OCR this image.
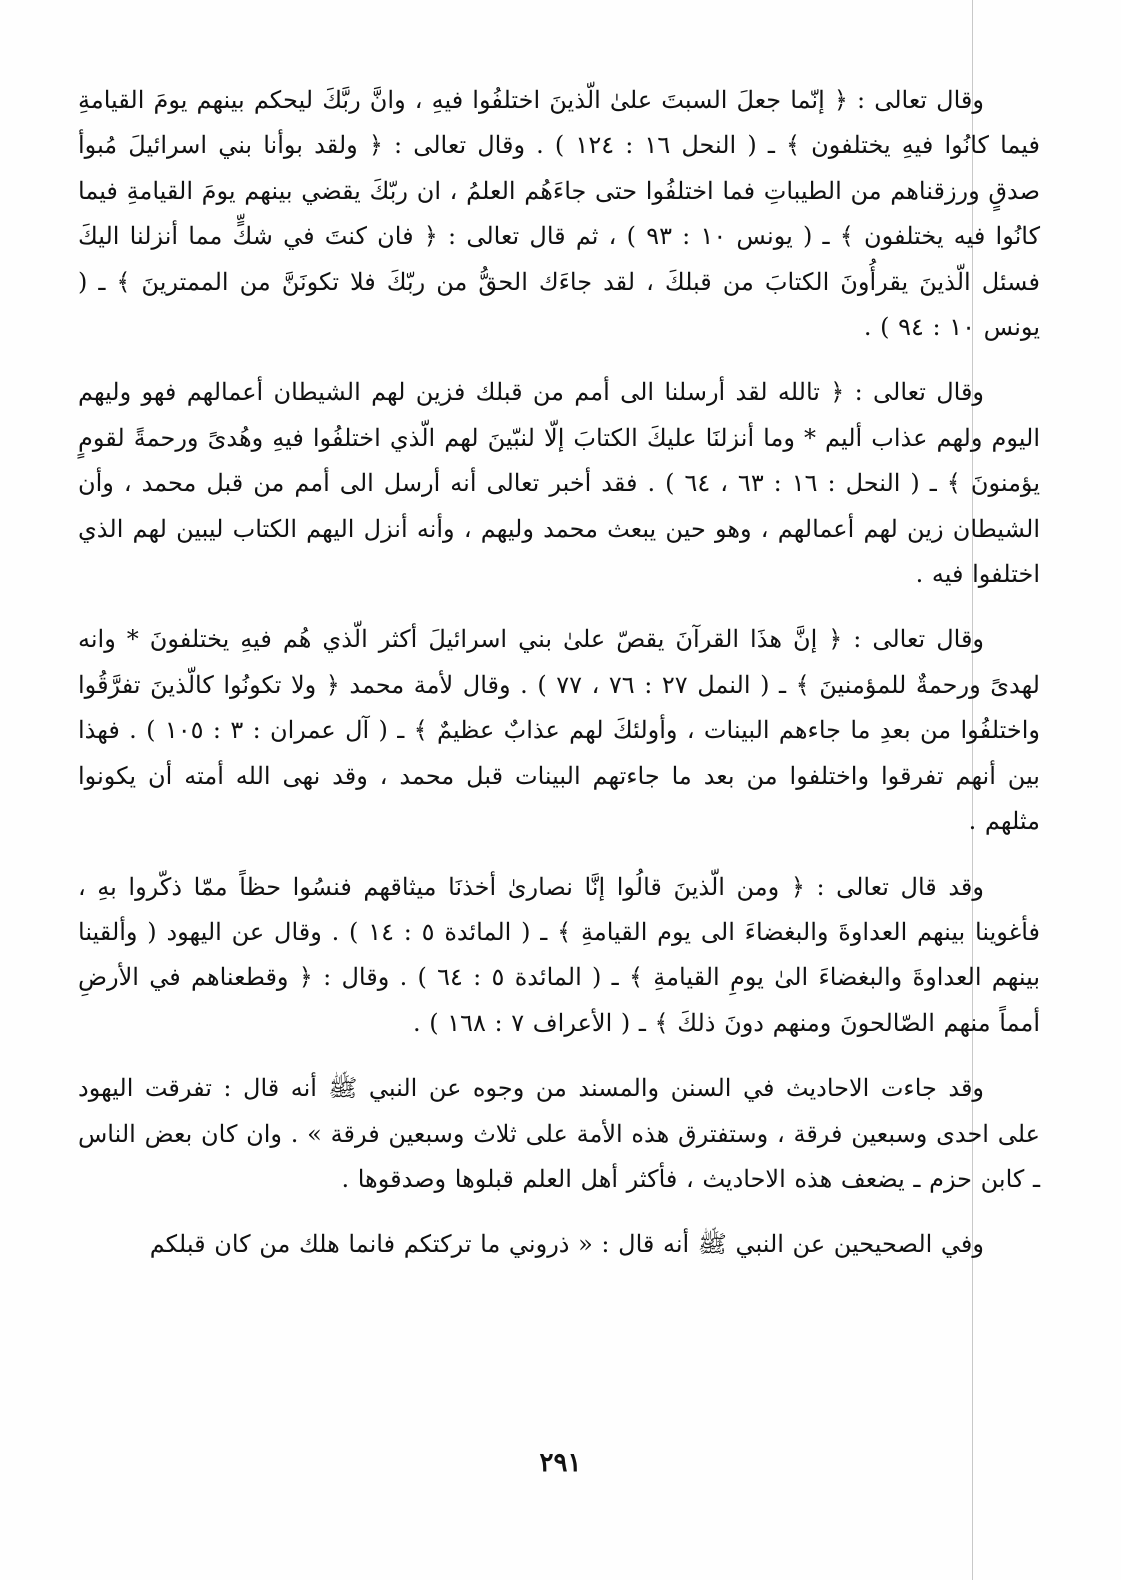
وقال تعالى : ﴿ إنّما جعلَ السبتَ علىٰ الّذينَ اختلفُوا فيهِ ، وانَّ ربَّكَ ليحكم بينهم يومَ القيامةِ فيما كانُوا فيهِ يختلفون ﴾ ـ ( النحل ١٦ : ١٢٤ ) . وقال تعالى : ﴿ ولقد بوأنا بني اسرائيلَ مُبوأ صدقٍ ورزقناهم من الطيباتِ فما اختلفُوا حتى جاءَهُم العلمُ ، ان ربّكَ يقضي بينهم يومَ القيامةِ فيما كانُوا فيه يختلفون ﴾ ـ ( يونس ١٠ : ٩٣ ) ، ثم قال تعالى : ﴿ فان كنتَ في شكٍّ مما أنزلنا اليكَ فسئل الّذينَ يقرأُونَ الكتابَ من قبلكَ ، لقد جاءَك الحقُّ من ربّكَ فلا تكونَنَّ من الممترينَ ﴾ ـ ( يونس ١٠ : ٩٤ ) .

وقال تعالى : ﴿ تالله لقد أرسلنا الى أمم من قبلك فزين لهم الشيطان أعمالهم فهو وليهم اليوم ولهم عذاب أليم * وما أنزلنَا عليكَ الكتابَ إلّا لنبّينَ لهم الّذي اختلفُوا فيهِ وهُدىً ورحمةً لقومٍ يؤمنونَ ﴾ ـ ( النحل : ١٦ : ٦٣ ، ٦٤ ) . فقد أخبر تعالى أنه أرسل الى أمم من قبل محمد ، وأن الشيطان زين لهم أعمالهم ، وهو حين يبعث محمد وليهم ، وأنه أنزل اليهم الكتاب ليبين لهم الذي اختلفوا فيه .

وقال تعالى : ﴿ إنَّ هذَا القرآنَ يقصّ علىٰ بني اسرائيلَ أكثر الّذي هُم فيهِ يختلفونَ * وانه لهدىً ورحمةٌ للمؤمنينَ ﴾ ـ ( النمل ٢٧ : ٧٦ ، ٧٧ ) . وقال لأمة محمد ﴿ ولا تكونُوا كالّذينَ تفرَّقُوا واختلفُوا من بعدِ ما جاءهم البينات ، وأولئكَ لهم عذابٌ عظيمٌ ﴾ ـ ( آل عمران : ٣ : ١٠٥ ) . فهذا بين أنهم تفرقوا واختلفوا من بعد ما جاءتهم البينات قبل محمد ، وقد نهى الله أمته أن يكونوا مثلهم .

وقد قال تعالى : ﴿ ومن الّذينَ قالُوا إنَّا نصارىٰ أخذنَا ميثاقهم فنسُوا حظاً ممّا ذكّروا بهِ ، فأغوينا بينهم العداوةَ والبغضاءَ الى يوم القيامةِ ﴾ ـ ( المائدة ٥ : ١٤ ) . وقال عن اليهود ( وألقينا بينهم العداوةَ والبغضاءَ الىٰ يومِ القيامةِ ﴾ ـ ( المائدة ٥ : ٦٤ ) . وقال : ﴿ وقطعناهم في الأرضِ أمماً منهم الصّالحونَ ومنهم دونَ ذلكَ ﴾ ـ ( الأعراف ٧ : ١٦٨ ) .

وقد جاءت الاحاديث في السنن والمسند من وجوه عن النبي ﷺ أنه قال : تفرقت اليهود على احدى وسبعين فرقة ، وستفترق هذه الأمة على ثلاث وسبعين فرقة » . وان كان بعض الناس ـ كابن حزم ـ يضعف هذه الاحاديث ، فأكثر أهل العلم قبلوها وصدقوها .

وفي الصحيحين عن النبي ﷺ أنه قال : « ذروني ما تركتكم فانما هلك من كان قبلكم

٢٩١
